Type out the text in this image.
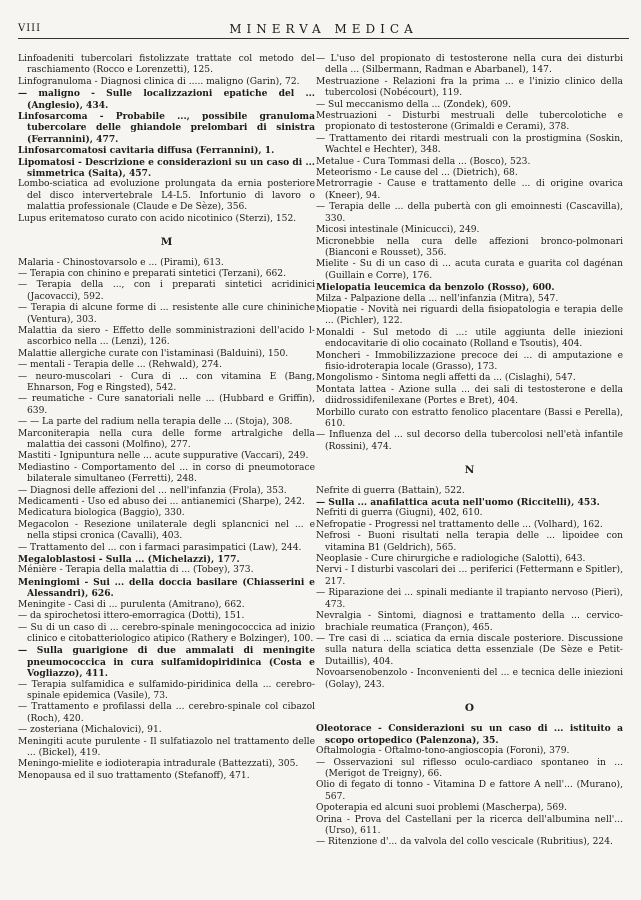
VIII	MINERVA MEDICA

Linfoadeniti tubercolari fistolizzate trattate col metodo del raschiamento (Rocco e Lorenzetti), 125.

Linfogranuloma - Diagnosi clinica di ..... maligno (Garin), 72.

— maligno - Sulle localizzazioni epatiche del ... (Anglesio), 434.

Linfosarcoma - Probabile ..., possibile granuloma tubercolare delle ghiandole prelombari di sinistra (Ferrannini), 477.

Linfosarcomatosi cavitaria diffusa (Ferrannini), 1.

Lipomatosi - Descrizione e considerazioni su un caso di ... simmetrica (Saita), 457.

Lombo-sciatica ad evoluzione prolungata da ernia posteriore del disco intervertebrale L4-L5. Infortunio di lavoro o malattia professionale (Claude e De Sèze), 356.

Lupus eritematoso curato con acido nicotinico (Sterzi), 152.

M

Malaria - Chinostovarsolo e ... (Pirami), 613.

— Terapia con chinino e preparati sintetici (Terzani), 662.

— Terapia della ..., con i preparati sintetici acridinici (Jacovacci), 592.

— Terapia di alcune forme di ... resistente alle cure chininiche (Ventura), 303.

Malattia da siero - Effetto delle somministrazioni dell'acido l-ascorbico nella ... (Lenzi), 126.

Malattie allergiche curate con l'istaminasi (Balduini), 150.

— mentali - Terapia delle ... (Rehwald), 274.

— neuro-muscolari - Cura di ... con vitamina E (Bang, Ehnarson, Fog e Ringsted), 542.

— reumatiche - Cure sanatoriali nelle ... (Hubbard e Griffin), 639.

— — La parte del radium nella terapia delle ... (Stoja), 308.

Marconiterapia nella cura delle forme artralgiche della malattia dei cassoni (Molfino), 277.

Mastiti - Ignipuntura nelle ... acute suppurative (Vaccari), 249.

Mediastino - Comportamento del ... in corso di pneumotorace bilaterale simultaneo (Ferretti), 248.

— Diagnosi delle affezioni del ... nell'infanzia (Frola), 353.

Medicamenti - Uso ed abuso dei ... antianemici (Sharpe), 242.

Medicatura biologica (Baggio), 330.

Megacolon - Resezione unilaterale degli splancnici nel ... e nella stipsi cronica (Cavalli), 403.

— Trattamento del ... con i farmaci parasimpatici (Law), 244.

Megaloblastosi - Sulla ... (Michelazzi), 177.

Ménière - Terapia della malattia di ... (Tobey), 373.

Meningiomi - Sui ... della doccia basilare (Chiasserini e Alessandri), 626.

Meningite - Casi di ... purulenta (Amitrano), 662.

— da spirochetosi ittero-emorragica (Dotti), 151.

— Su di un caso di ... cerebro-spinale meningococcica ad inizio clinico e citobatteriologico atipico (Rathery e Bolzinger), 100.

— Sulla guarigione di due ammalati di meningite pneumococcica in cura sulfamidopiridinica (Costa e Vogliazzo), 411.

— Terapia sulfamidica e sulfamido-piridinica della ... cerebro-spinale epidemica (Vasile), 73.

— Trattamento e profilassi della ... cerebro-spinale col cibazol (Roch), 420.

— zosteriana (Michalovici), 91.

Meningiti acute purulente - Il sulfatiazolo nel trattamento delle ... (Bickel), 419.

Meningo-mielite e iodioterapia intradurale (Battezzati), 305.

Menopausa ed il suo trattamento (Stefanoff), 471.

— L'uso del propionato di testosterone nella cura dei disturbi della ... (Silbermann, Radman e Abarbanel), 147.

Mestruazione - Relazioni fra la prima ... e l'inizio clinico della tubercolosi (Nobécourt), 119.

— Sul meccanismo della ... (Zondek), 609.

Mestruazioni - Disturbi mestruali delle tubercolotiche e propionato di testosterone (Grimaldi e Cerami), 378.

— Trattamento dei ritardi mestruali con la prostigmina (Soskin, Wachtel e Hechter), 348.

Metalue - Cura Tommasi della ... (Bosco), 523.

Meteorismo - Le cause del ... (Dietrich), 68.

Metrorragie - Cause e trattamento delle ... di origine ovarica (Kneer), 94.

— Terapia delle ... della pubertà con gli emoinnesti (Cascavilla), 330.

Micosi intestinale (Minicucci), 249.

Micronebbie nella cura delle affezioni bronco-polmonari (Bianconi e Rousset), 356.

Mielite - Su di un caso di ... acuta curata e guarita col dagénan (Guillain e Corre), 176.

Mielopatia leucemica da benzolo (Rosso), 600.

Milza - Palpazione della ... nell'infanzia (Mitra), 547.

Miopatie - Novità nei riguardi della fisiopatologia e terapia delle ... (Pichler), 122.

Monaldi - Sul metodo di ...: utile aggiunta delle iniezioni endocavitarie di olio cocainato (Rolland e Tsoutis), 404.

Moncheri - Immobilizzazione precoce dei ... di amputazione e fisio-idroterapia locale (Grasso), 173.

Mongolismo - Sintoma negli affetti da ... (Cislaghi), 547.

Montata lattea - Azione sulla ... dei sali di testosterone e della diidrossidifenilexane (Portes e Bret), 404.

Morbillo curato con estratto fenolico placentare (Bassi e Perella), 610.

— Influenza del ... sul decorso della tubercolosi nell'età infantile (Rossini), 474.

N

Nefrite di guerra (Battain), 522.

— Sulla ... anafilattica acuta nell'uomo (Riccitelli), 453.

Nefriti di guerra (Giugni), 402, 610.

Nefropatie - Progressi nel trattamento delle ... (Volhard), 162.

Nefrosi - Buoni risultati nella terapia delle ... lipoidee con vitamina B1 (Geldrich), 565.

Neoplasie - Cure chirurgiche e radiologiche (Salotti), 643.

Nervi - I disturbi vascolari dei ... periferici (Fettermann e Spitler), 217.

— Riparazione dei ... spinali mediante il trapianto nervoso (Pieri), 473.

Nevralgia - Sintomi, diagnosi e trattamento della ... cervico-brachiale reumatica (Françon), 465.

— Tre casi di ... sciatica da ernia discale posteriore. Discussione sulla natura della sciatica detta essenziale (De Sèze e Petit-Dutaillis), 404.

Novoarsenobenzolo - Inconvenienti del ... e tecnica delle iniezioni (Golay), 243.

O

Oleotorace - Considerazioni su un caso di ... istituito a scopo ortopedico (Palenzona), 35.

Oftalmologia - Oftalmo-tono-angioscopia (Foroni), 379.

— Osservazioni sul riflesso oculo-cardiaco spontaneo in ... (Merigot de Treigny), 66.

Olio di fegato di tonno - Vitamina D e fattore A nell'... (Murano), 567.

Opoterapia ed alcuni suoi problemi (Mascherpa), 569.

Orina - Prova del Castellani per la ricerca dell'albumina nell'... (Urso), 611.

— Ritenzione d'... da valvola del collo vescicale (Rubritius), 224.
